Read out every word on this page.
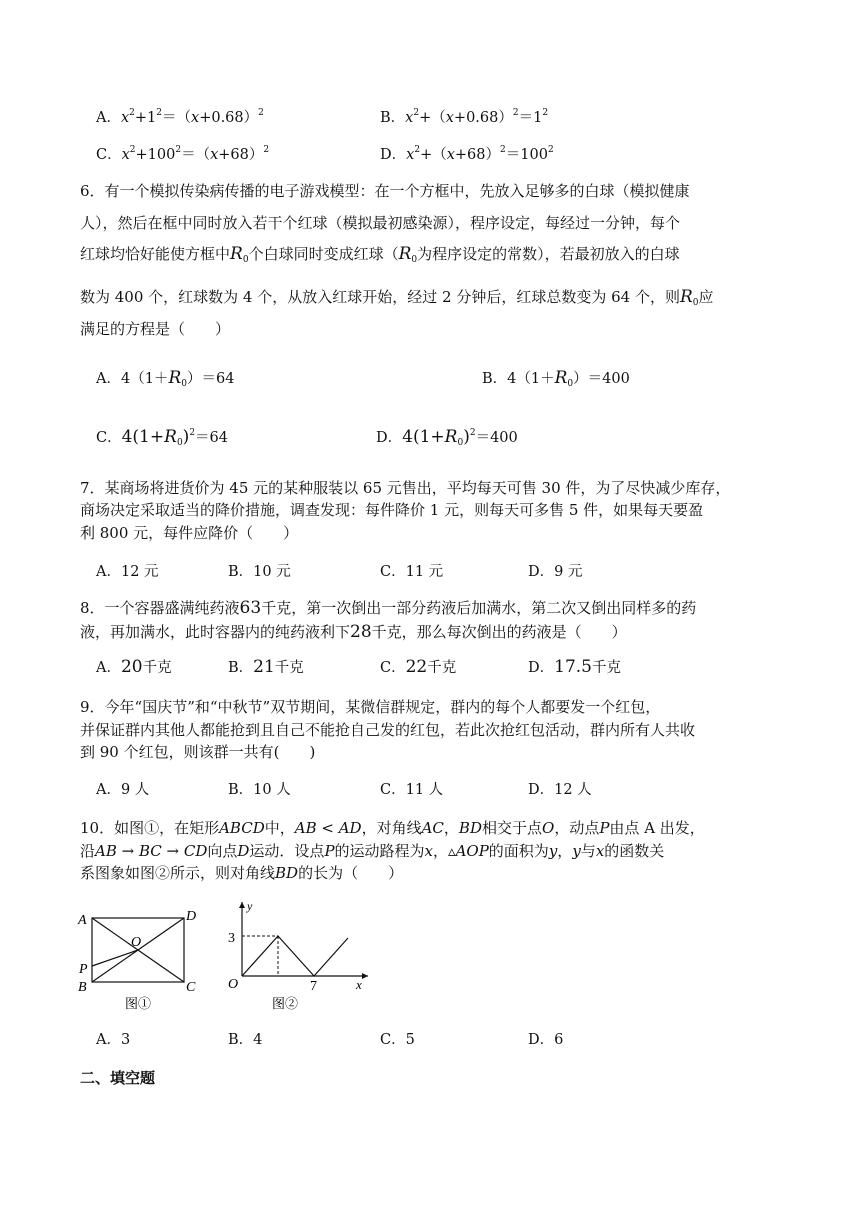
A．$x^2+1^2=(x+0.68)^2$	B．$x^2+(x+0.68)^2=1^2$
C．$x^2+100^2=(x+68)^2$	D．$x^2+(x+68)^2=100^2$
6．有一个模拟传染病传播的电子游戏模型：在一个方框中，先放入足够多的白球（模拟健康
人），然后在框中同时放入若干个红球（模拟最初感染源），程序设定，每经过一分钟，每个
红球均恰好能使方框中$R_0$个白球同时变成红球（$R_0$为程序设定的常数），若最初放入的白球
数为 400 个，红球数为 4 个，从放入红球开始，经过 2 分钟后，红球总数变为 64 个，则$R_0$应
满足的方程是（　　）
A．$4(1+R_0)=64$	B．$4(1+R_0)=400$
C．$4(1+R_0)^2=64$	D．$4(1+R_0)^2=400$
7．某商场将进货价为 45 元的某种服装以 65 元售出，平均每天可售 30 件，为了尽快减少库存，
商场决定采取适当的降价措施，调查发现：每件降价 1 元，则每天可多售 5 件，如果每天要盈
利 800 元，每件应降价（　　）
A．12 元	B．10 元	C．11 元	D．9 元
8．一个容器盛满纯药液63千克，第一次倒出一部分药液后加满水，第二次又倒出同样多的药
液，再加满水，此时容器内的纯药液利下28千克，那么每次倒出的药液是（　　）
A．20千克	B．21千克	C．22千克	D．17.5千克
9．今年“国庆节”和“中秋节”双节期间，某微信群规定，群内的每个人都要发一个红包，
并保证群内其他人都能抢到且自己不能抢自己发的红包，若此次抢红包活动，群内所有人共收
到 90 个红包，则该群一共有(　　)
A．9 人	B．10 人	C．11 人	D．12 人
10．如图①，在矩形ABCD中，AB < AD，对角线AC，BD相交于点O，动点P由点 A 出发，
沿AB → BC → CD向点D运动．设点P的运动路程为x，▵AOP的面积为y，y与x的函数关
系图象如图②所示，则对角线BD的长为（　　）
A	D
O
P
B	C
图①
y
3
O	7	x
图②
A．3	B．4	C．5	D．6
二、填空题
